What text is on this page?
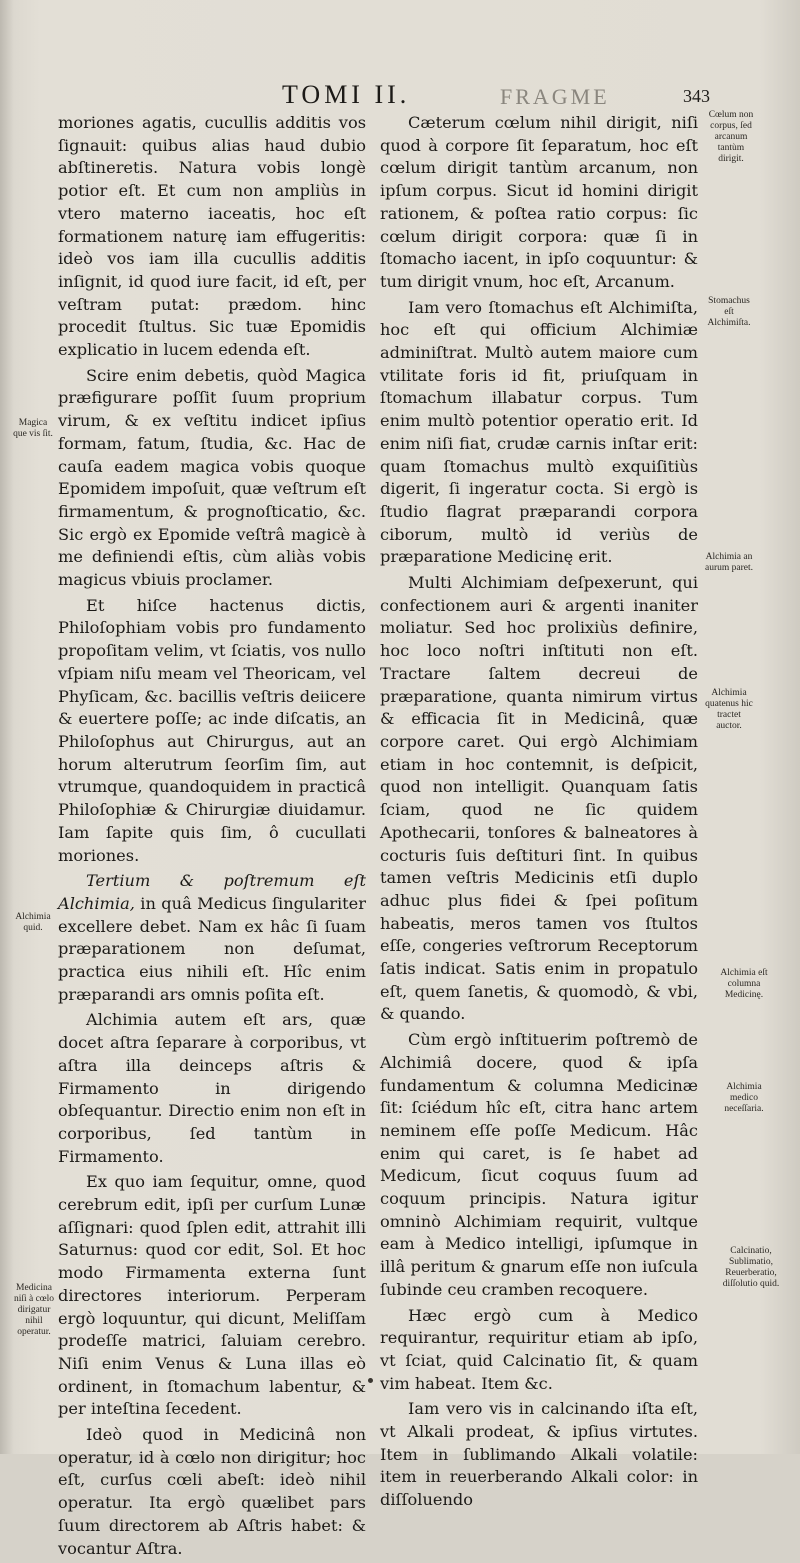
TOMI II.	FRAGME	343

moriones agatis, cucullis additis vos ſignauit: quibus alias haud dubio abſtineretis. Natura vobis longè potior eſt. Et cum non ampliùs in vtero materno iaceatis, hoc eſt formationem naturę iam effugeritis: ideò vos iam illa cucullis additis inſignit, id quod iure facit, id eſt, per veſtram putat: prædom. hinc procedit ſtultus. Sic tuæ Epomidis explicatio in lucem edenda eſt.

Scire enim debetis, quòd Magica præfigurare poſſit ſuum proprium virum, & ex veſtitu indicet ipſius formam, fatum, ſtudia, &c. Hac de cauſa eadem magica vobis quoque Epomidem impoſuit, quæ veſtrum eſt firmamentum, & prognoſticatio, &c. Sic ergò ex Epomide veſtrâ magicè à me definiendi eſtis, cùm aliàs vobis magicus vbiuis proclamer.

Et hiſce hactenus dictis, Philoſophiam vobis pro fundamento propoſitam velim, vt ſciatis, vos nullo vſpiam niſu meam vel Theoricam, vel Phyſicam, &c. bacillis veſtris deiicere & euertere poſſe; ac inde diſcatis, an Philoſophus aut Chirurgus, aut an horum alterutrum ſeorſim ſim, aut vtrumque, quandoquidem in practicâ Philoſophiæ & Chirurgiæ diuidamur. Iam ſapite quis ſim, ô cucullati moriones.

Tertium & poſtremum eſt Alchimia, in quâ Medicus ſingulariter excellere debet. Nam ex hâc ſi ſuam præparationem non deſumat, practica eius nihili eſt. Hîc enim præparandi ars omnis poſita eſt.

Alchimia autem eſt ars, quæ docet aſtra ſeparare à corporibus, vt aſtra illa deinceps aſtris & Firmamento in dirigendo obſequantur. Directio enim non eſt in corporibus, ſed tantùm in Firmamento.

Ex quo iam ſequitur, omne, quod cerebrum edit, ipſi per curſum Lunæ aſſignari: quod ſplen edit, attrahit illi Saturnus: quod cor edit, Sol. Et hoc modo Firmamenta externa ſunt directores interiorum. Perperam ergò loquuntur, qui dicunt, Meliſſam prodeſſe matrici, ſaluiam cerebro. Niſi enim Venus & Luna illas eò ordinent, in ſtomachum labentur, & per inteſtina ſecedent.

Ideò quod in Medicinâ non operatur, id à cœlo non dirigitur; hoc eſt, curſus cœli abeſt: ideò nihil operatur. Ita ergò quælibet pars ſuum directorem ab Aſtris habet: & vocantur Aſtra.

Cæterum cœlum nihil dirigit, niſi quod à corpore ſit ſeparatum, hoc eſt cœlum dirigit tantùm arcanum, non ipſum corpus. Sicut id homini dirigit rationem, & poſtea ratio corpus: ſic cœlum dirigit corpora: quæ ſi in ſtomacho iacent, in ipſo coquuntur: & tum dirigit vnum, hoc eſt, Arcanum.

Iam vero ſtomachus eſt Alchimiſta, hoc eſt qui officium Alchimiæ adminiſtrat. Multò autem maiore cum vtilitate foris id fit, priuſquam in ſtomachum illabatur corpus. Tum enim multò potentior operatio erit. Id enim niſi fiat, crudæ carnis inſtar erit: quam ſtomachus multò exquiſitiùs digerit, ſi ingeratur cocta. Si ergò is ſtudio flagrat præparandi corpora ciborum, multò id veriùs de præparatione Medicinę erit.

Multi Alchimiam deſpexerunt, qui confectionem auri & argenti inaniter moliatur. Sed hoc prolixiùs definire, hoc loco noſtri inſtituti non eſt. Tractare ſaltem decreui de præparatione, quanta nimirum virtus & efficacia ſit in Medicinâ, quæ corpore caret. Qui ergò Alchimiam etiam in hoc contemnit, is deſpicit, quod non intelligit. Quanquam ſatis ſciam, quod ne ſic quidem Apothecarii, tonſores & balneatores à cocturis ſuis deſtituri ſint. In quibus tamen veſtris Medicinis etſi duplo adhuc plus fidei & ſpei poſitum habeatis, meros tamen vos ſtultos eſſe, congeries veſtrorum Receptorum ſatis indicat. Satis enim in propatulo eſt, quem ſanetis, & quomodò, & vbi, & quando.

Cùm ergò inſtituerim poſtremò de Alchimiâ docere, quod & ipſa fundamentum & columna Medicinæ ſit: ſciédum hîc eſt, citra hanc artem neminem eſſe poſſe Medicum. Hâc enim qui caret, is ſe habet ad Medicum, ſicut coquus ſuum ad coquum principis. Natura igitur omninò Alchimiam requirit, vultque eam à Medico intelligi, ipſumque in illâ peritum & gnarum eſſe non iuſcula ſubinde ceu cramben recoquere.

Hæc ergò cum à Medico requirantur, requiritur etiam ab ipſo, vt ſciat, quid Calcinatio ſit, & quam vim habeat. Item &c.

Iam vero vis in calcinando iſta eſt, vt Alkali prodeat, & ipſius virtutes. Item in ſublimando Alkali volatile: item in reuerberando Alkali color: in diſſoluendo

Magica que vis ſit.
Alchimia quid.
Medicina niſi à cœlo dirigatur nihil operatur.
Cœlum non corpus, ſed arcanum tantùm dirigit.
Stomachus eſt Alchimiſta.
Alchimia an aurum paret.
Alchimia quatenus hic tractet auctor.
Alchimia eſt columna Medicinę.
Alchimia medico neceſſaria.
Calcinatio, Sublimatio, Reuerberatio, diſſolutio quid.
